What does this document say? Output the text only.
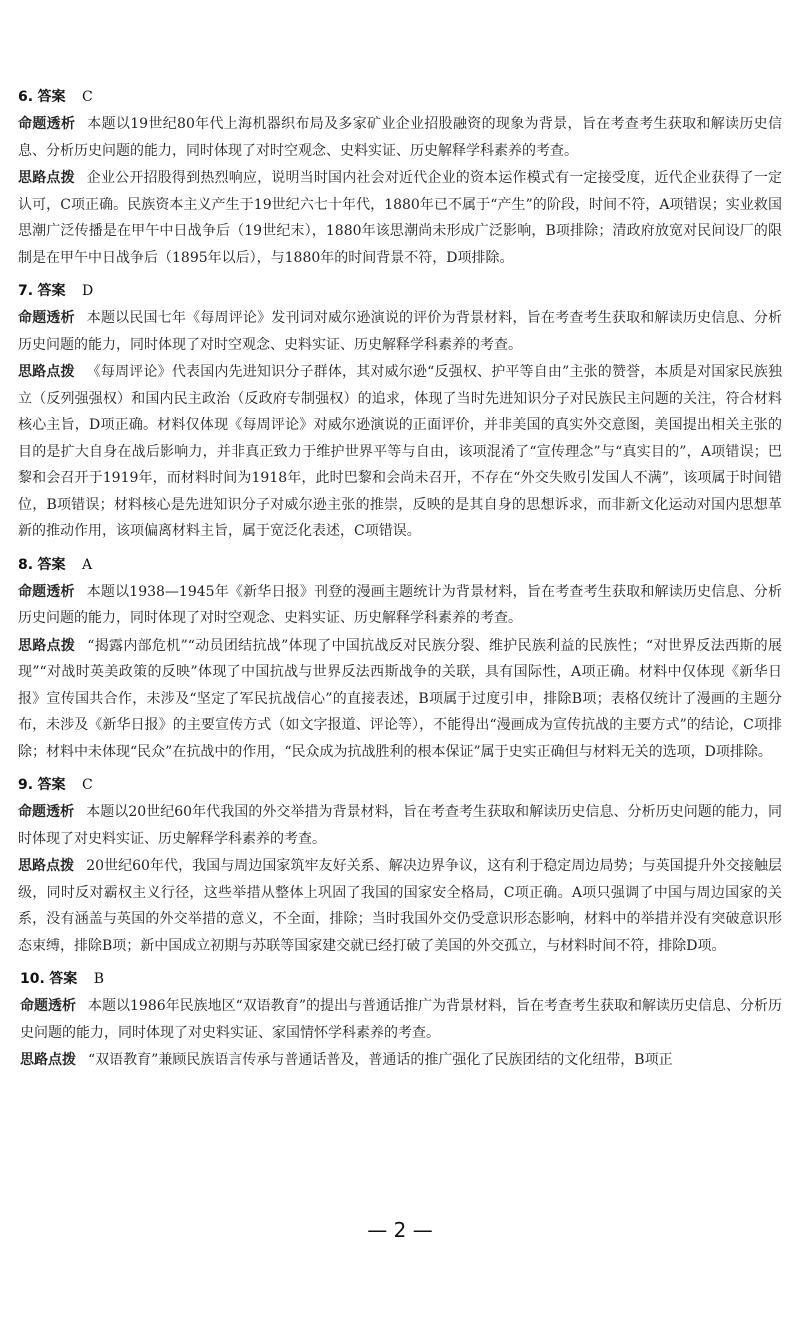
6. 答案 C

命题透析 本题以19世纪80年代上海机器织布局及多家矿业企业招股融资的现象为背景，旨在考查考生获取和解读历史信息、分析历史问题的能力，同时体现了对时空观念、史料实证、历史解释学科素养的考查。

思路点拨 企业公开招股得到热烈响应，说明当时国内社会对近代企业的资本运作模式有一定接受度，近代企业获得了一定认可，C项正确。民族资本主义产生于19世纪六七十年代，1880年已不属于“产生”的阶段，时间不符，A项错误；实业救国思潮广泛传播是在甲午中日战争后（19世纪末），1880年该思潮尚未形成广泛影响，B项排除；清政府放宽对民间设厂的限制是在甲午中日战争后（1895年以后），与1880年的时间背景不符，D项排除。

7. 答案 D

命题透析 本题以民国七年《每周评论》发刊词对威尔逊演说的评价为背景材料，旨在考查考生获取和解读历史信息、分析历史问题的能力，同时体现了对时空观念、史料实证、历史解释学科素养的考查。

思路点拨 《每周评论》代表国内先进知识分子群体，其对威尔逊“反强权、护平等自由”主张的赞誉，本质是对国家民族独立（反列强强权）和国内民主政治（反政府专制强权）的追求，体现了当时先进知识分子对民族民主问题的关注，符合材料核心主旨，D项正确。材料仅体现《每周评论》对威尔逊演说的正面评价，并非美国的真实外交意图，美国提出相关主张的目的是扩大自身在战后影响力，并非真正致力于维护世界平等与自由，该项混淆了“宣传理念”与“真实目的”，A项错误；巴黎和会召开于1919年，而材料时间为1918年，此时巴黎和会尚未召开，不存在“外交失败引发国人不满”，该项属于时间错位，B项错误；材料核心是先进知识分子对威尔逊主张的推崇，反映的是其自身的思想诉求，而非新文化运动对国内思想革新的推动作用，该项偏离材料主旨，属于宽泛化表述，C项错误。

8. 答案 A

命题透析 本题以1938—1945年《新华日报》刊登的漫画主题统计为背景材料，旨在考查考生获取和解读历史信息、分析历史问题的能力，同时体现了对时空观念、史料实证、历史解释学科素养的考查。

思路点拨 “揭露内部危机”“动员团结抗战”体现了中国抗战反对民族分裂、维护民族利益的民族性；“对世界反法西斯的展现”“对战时英美政策的反映”体现了中国抗战与世界反法西斯战争的关联，具有国际性，A项正确。材料中仅体现《新华日报》宣传国共合作，未涉及“坚定了军民抗战信心”的直接表述，B项属于过度引申，排除B项；表格仅统计了漫画的主题分布，未涉及《新华日报》的主要宣传方式（如文字报道、评论等），不能得出“漫画成为宣传抗战的主要方式”的结论，C项排除；材料中未体现“民众”在抗战中的作用，“民众成为抗战胜利的根本保证”属于史实正确但与材料无关的选项，D项排除。

9. 答案 C

命题透析 本题以20世纪60年代我国的外交举措为背景材料，旨在考查考生获取和解读历史信息、分析历史问题的能力，同时体现了对史料实证、历史解释学科素养的考查。

思路点拨 20世纪60年代，我国与周边国家筑牢友好关系、解决边界争议，这有利于稳定周边局势；与英国提升外交接触层级，同时反对霸权主义行径，这些举措从整体上巩固了我国的国家安全格局，C项正确。A项只强调了中国与周边国家的关系，没有涵盖与英国的外交举措的意义，不全面，排除；当时我国外交仍受意识形态影响，材料中的举措并没有突破意识形态束缚，排除B项；新中国成立初期与苏联等国家建交就已经打破了美国的外交孤立，与材料时间不符，排除D项。

10. 答案 B

命题透析 本题以1986年民族地区“双语教育”的提出与普通话推广为背景材料，旨在考查考生获取和解读历史信息、分析历史问题的能力，同时体现了对史料实证、家国情怀学科素养的考查。

思路点拨 “双语教育”兼顾民族语言传承与普通话普及，普通话的推广强化了民族团结的文化纽带，B项正

— 2 —
